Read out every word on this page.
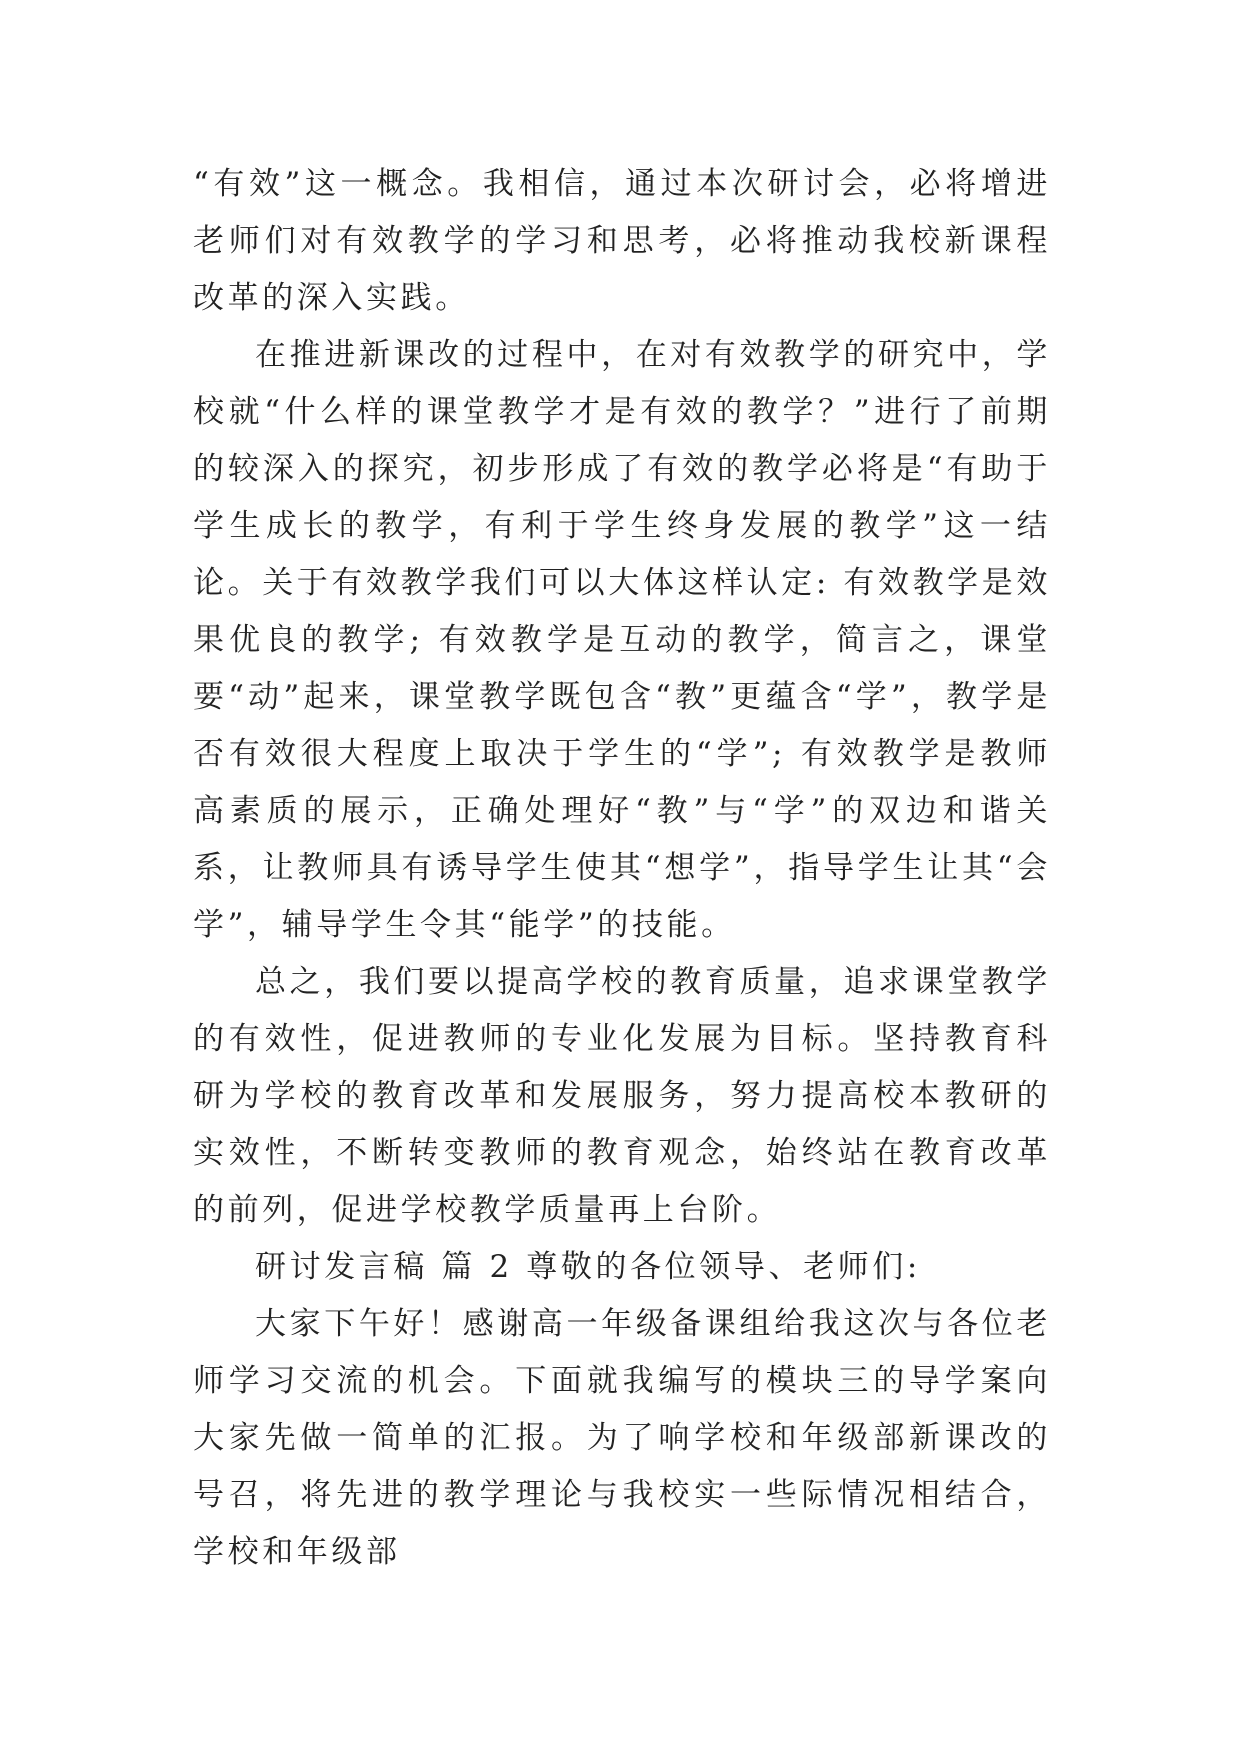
“有效”这一概念。我相信，通过本次研讨会，必将增进老师们对有效教学的学习和思考，必将推动我校新课程改革的深入实践。

在推进新课改的过程中，在对有效教学的研究中，学校就“什么样的课堂教学才是有效的教学？”进行了前期的较深入的探究，初步形成了有效的教学必将是“有助于学生成长的教学，有利于学生终身发展的教学”这一结论。关于有效教学我们可以大体这样认定: 有效教学是效果优良的教学; 有效教学是互动的教学，简言之，课堂要“动”起来，课堂教学既包含“教”更蕴含“学”，教学是否有效很大程度上取决于学生的“学”; 有效教学是教师高素质的展示，正确处理好“教”与“学”的双边和谐关系，让教师具有诱导学生使其“想学”，指导学生让其“会学”，辅导学生令其“能学”的技能。

总之，我们要以提高学校的教育质量，追求课堂教学的有效性，促进教师的专业化发展为目标。坚持教育科研为学校的教育改革和发展服务，努力提高校本教研的实效性，不断转变教师的教育观念，始终站在教育改革的前列，促进学校教学质量再上台阶。

研讨发言稿 篇 2 尊敬的各位领导、老师们:

大家下午好！感谢高一年级备课组给我这次与各位老师学习交流的机会。下面就我编写的模块三的导学案向大家先做一简单的汇报。为了响学校和年级部新课改的号召，将先进的教学理论与我校实一些际情况相结合，学校和年级部
